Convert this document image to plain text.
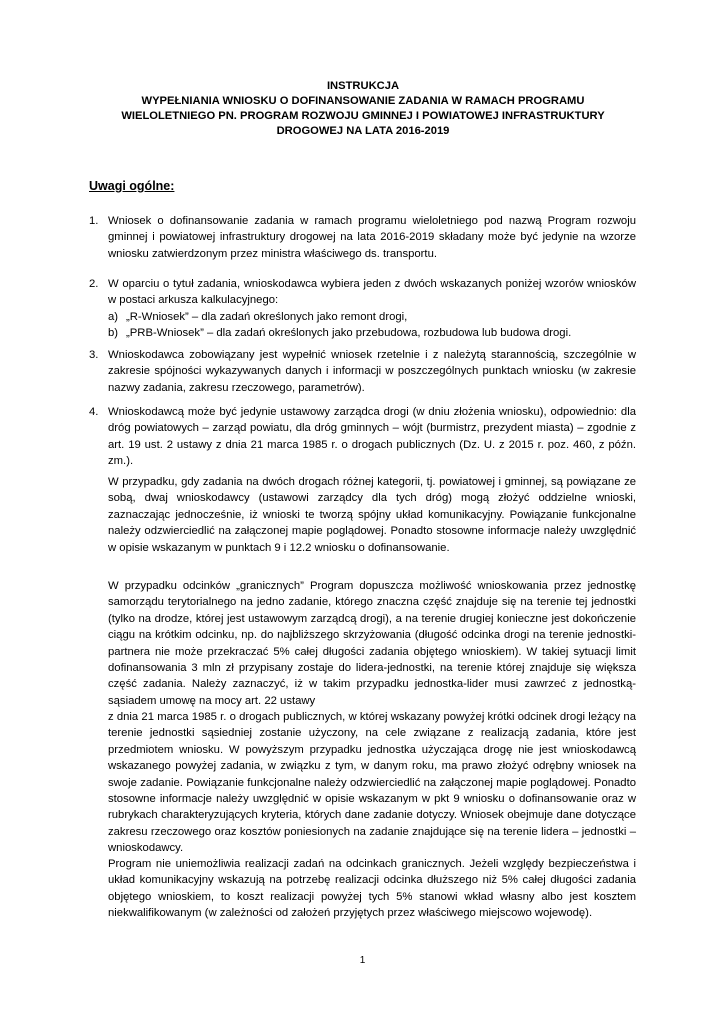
INSTRUKCJA
WYPEŁNIANIA WNIOSKU O DOFINANSOWANIE ZADANIA W RAMACH PROGRAMU
WIELOLETNIEGO PN. PROGRAM ROZWOJU GMINNEJ I POWIATOWEJ INFRASTRUKTURY
DROGOWEJ NA LATA 2016-2019
Uwagi ogólne:
1. Wniosek o dofinansowanie zadania w ramach programu wieloletniego pod nazwą Program rozwoju gminnej i powiatowej infrastruktury drogowej na lata 2016-2019 składany może być jedynie na wzorze wniosku zatwierdzonym przez ministra właściwego ds. transportu.
2. W oparciu o tytuł zadania, wnioskodawca wybiera jeden z dwóch wskazanych poniżej wzorów wniosków w postaci arkusza kalkulacyjnego:
a) „R-Wniosek” – dla zadań określonych jako remont drogi,
b) „PRB-Wniosek” – dla zadań określonych jako przebudowa, rozbudowa lub budowa drogi.
3. Wnioskodawca zobowiązany jest wypełnić wniosek rzetelnie i z należytą starannością, szczególnie w zakresie spójności wykazywanych danych i informacji w poszczególnych punktach wniosku (w zakresie nazwy zadania, zakresu rzeczowego, parametrów).
4. Wnioskodawcą może być jedynie ustawowy zarządca drogi (w dniu złożenia wniosku), odpowiednio: dla dróg powiatowych – zarząd powiatu, dla dróg gminnych – wójt (burmistrz, prezydent miasta) – zgodnie z art. 19 ust. 2 ustawy z dnia 21 marca 1985 r. o drogach publicznych (Dz. U. z 2015 r. poz. 460, z późn. zm.).
W przypadku, gdy zadania na dwóch drogach różnej kategorii, tj. powiatowej i gminnej, są powiązane ze sobą, dwaj wnioskodawcy (ustawowi zarządcy dla tych dróg) mogą złożyć oddzielne wnioski, zaznaczając jednocześnie, iż wnioski te tworzą spójny układ komunikacyjny. Powiązanie funkcjonalne należy odzwierciedlić na załączonej mapie poglądowej. Ponadto stosowne informacje należy uwzględnić w opisie wskazanym w punktach 9 i 12.2 wniosku o dofinansowanie.
W przypadku odcinków „granicznych” Program dopuszcza możliwość wnioskowania przez jednostkę samorządu terytorialnego na jedno zadanie, którego znaczna część znajduje się na terenie tej jednostki (tylko na drodze, której jest ustawowym zarządcą drogi), a na terenie drugiej konieczne jest dokończenie ciągu na krótkim odcinku, np. do najbliższego skrzyżowania (długość odcinka drogi na terenie jednostki-partnera nie może przekraczać 5% całej długości zadania objętego wnioskiem). W takiej sytuacji limit dofinansowania 3 mln zł przypisany zostaje do lidera-jednostki, na terenie której znajduje się większa część zadania. Należy zaznaczyć, iż w takim przypadku jednostka-lider musi zawrzeć z jednostką-sąsiadem umowę na mocy art. 22 ustawy
z dnia 21 marca 1985 r. o drogach publicznych, w której wskazany powyżej krótki odcinek drogi leżący na terenie jednostki sąsiedniej zostanie użyczony, na cele związane z realizacją zadania, które jest przedmiotem wniosku. W powyższym przypadku jednostka użyczająca drogę nie jest wnioskodawcą wskazanego powyżej zadania, w związku z tym, w danym roku, ma prawo złożyć odrębny wniosek na swoje zadanie. Powiązanie funkcjonalne należy odzwierciedlić na załączonej mapie poglądowej. Ponadto stosowne informacje należy uwzględnić w opisie wskazanym w pkt 9 wniosku o dofinansowanie oraz w rubrykach charakteryzujących kryteria, których dane zadanie dotyczy. Wniosek obejmuje dane dotyczące zakresu rzeczowego oraz kosztów poniesionych na zadanie znajdujące się na terenie lidera – jednostki – wnioskodawcy.
Program nie uniemożliwia realizacji zadań na odcinkach granicznych. Jeżeli względy bezpieczeństwa i układ komunikacyjny wskazują na potrzebę realizacji odcinka dłuższego niż 5% całej długości zadania objętego wnioskiem, to koszt realizacji powyżej tych 5% stanowi wkład własny albo jest kosztem niekwalifikowanym (w zależności od założeń przyjętych przez właściwego miejscowo wojewodę).
1
